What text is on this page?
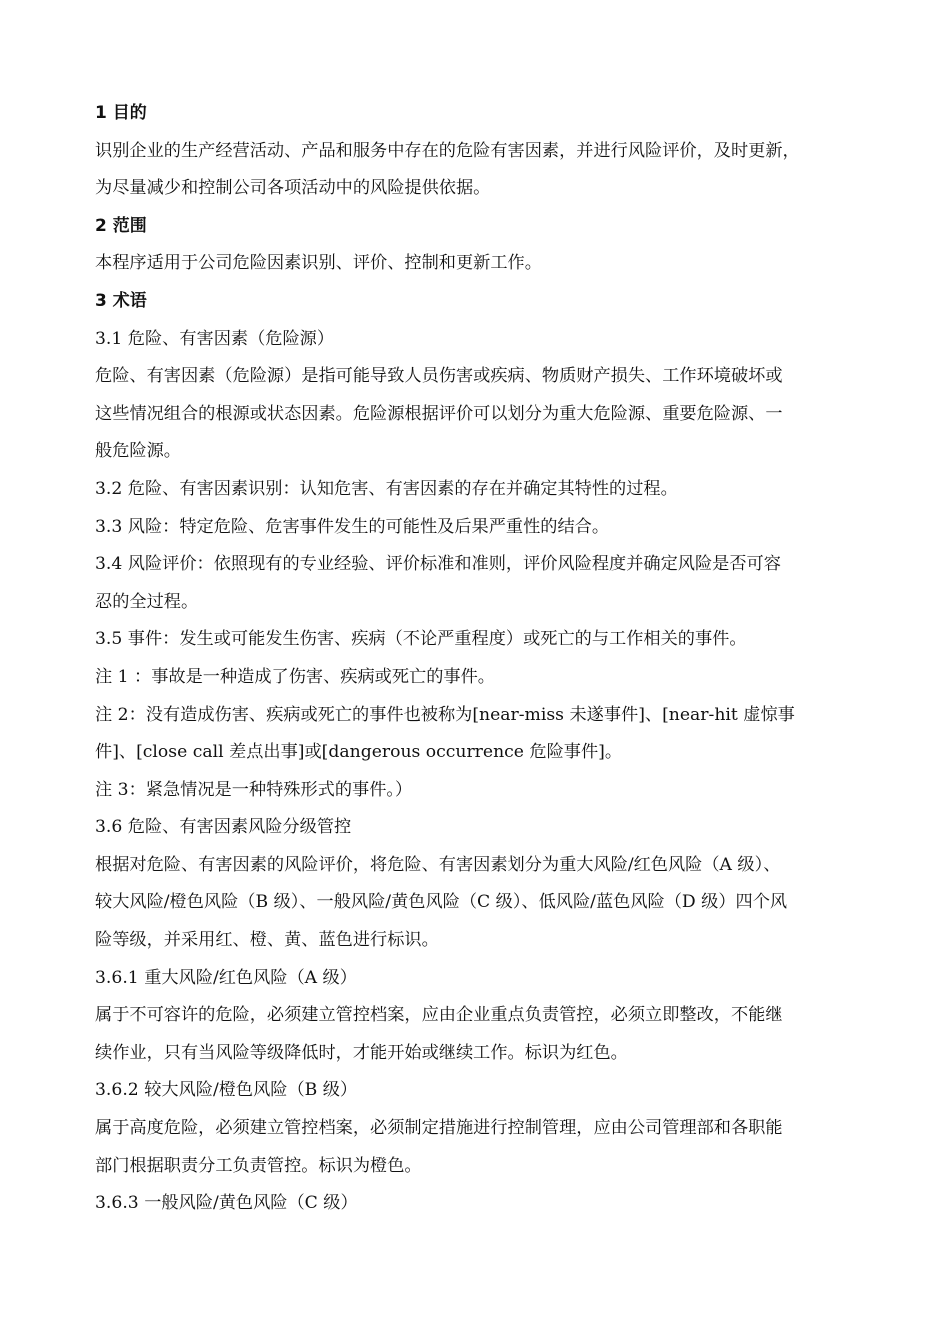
1 目的
识别企业的生产经营活动、产品和服务中存在的危险有害因素，并进行风险评价，及时更新，
为尽量减少和控制公司各项活动中的风险提供依据。
2 范围
本程序适用于公司危险因素识别、评价、控制和更新工作。
3 术语
3.1 危险、有害因素（危险源）
危险、有害因素（危险源）是指可能导致人员伤害或疾病、物质财产损失、工作环境破坏或
这些情况组合的根源或状态因素。危险源根据评价可以划分为重大危险源、重要危险源、一
般危险源。
3.2 危险、有害因素识别：认知危害、有害因素的存在并确定其特性的过程。
3.3 风险：特定危险、危害事件发生的可能性及后果严重性的结合。
3.4 风险评价：依照现有的专业经验、评价标准和准则，评价风险程度并确定风险是否可容
忍的全过程。
3.5 事件：发生或可能发生伤害、疾病（不论严重程度）或死亡的与工作相关的事件。
注 1 ：事故是一种造成了伤害、疾病或死亡的事件。
注 2：没有造成伤害、疾病或死亡的事件也被称为[near-miss 未遂事件]、[near-hit 虚惊事
件]、[close call 差点出事]或[dangerous occurrence 危险事件]。
注 3：紧急情况是一种特殊形式的事件。）
3.6 危险、有害因素风险分级管控
根据对危险、有害因素的风险评价，将危险、有害因素划分为重大风险/红色风险（A 级）、
较大风险/橙色风险（B 级）、一般风险/黄色风险（C 级）、低风险/蓝色风险（D 级）四个风
险等级，并采用红、橙、黄、蓝色进行标识。
3.6.1 重大风险/红色风险（A 级）
属于不可容许的危险，必须建立管控档案，应由企业重点负责管控，必须立即整改，不能继
续作业，只有当风险等级降低时，才能开始或继续工作。标识为红色。
3.6.2 较大风险/橙色风险（B 级）
属于高度危险，必须建立管控档案，必须制定措施进行控制管理，应由公司管理部和各职能
部门根据职责分工负责管控。标识为橙色。
3.6.3 一般风险/黄色风险（C 级）
